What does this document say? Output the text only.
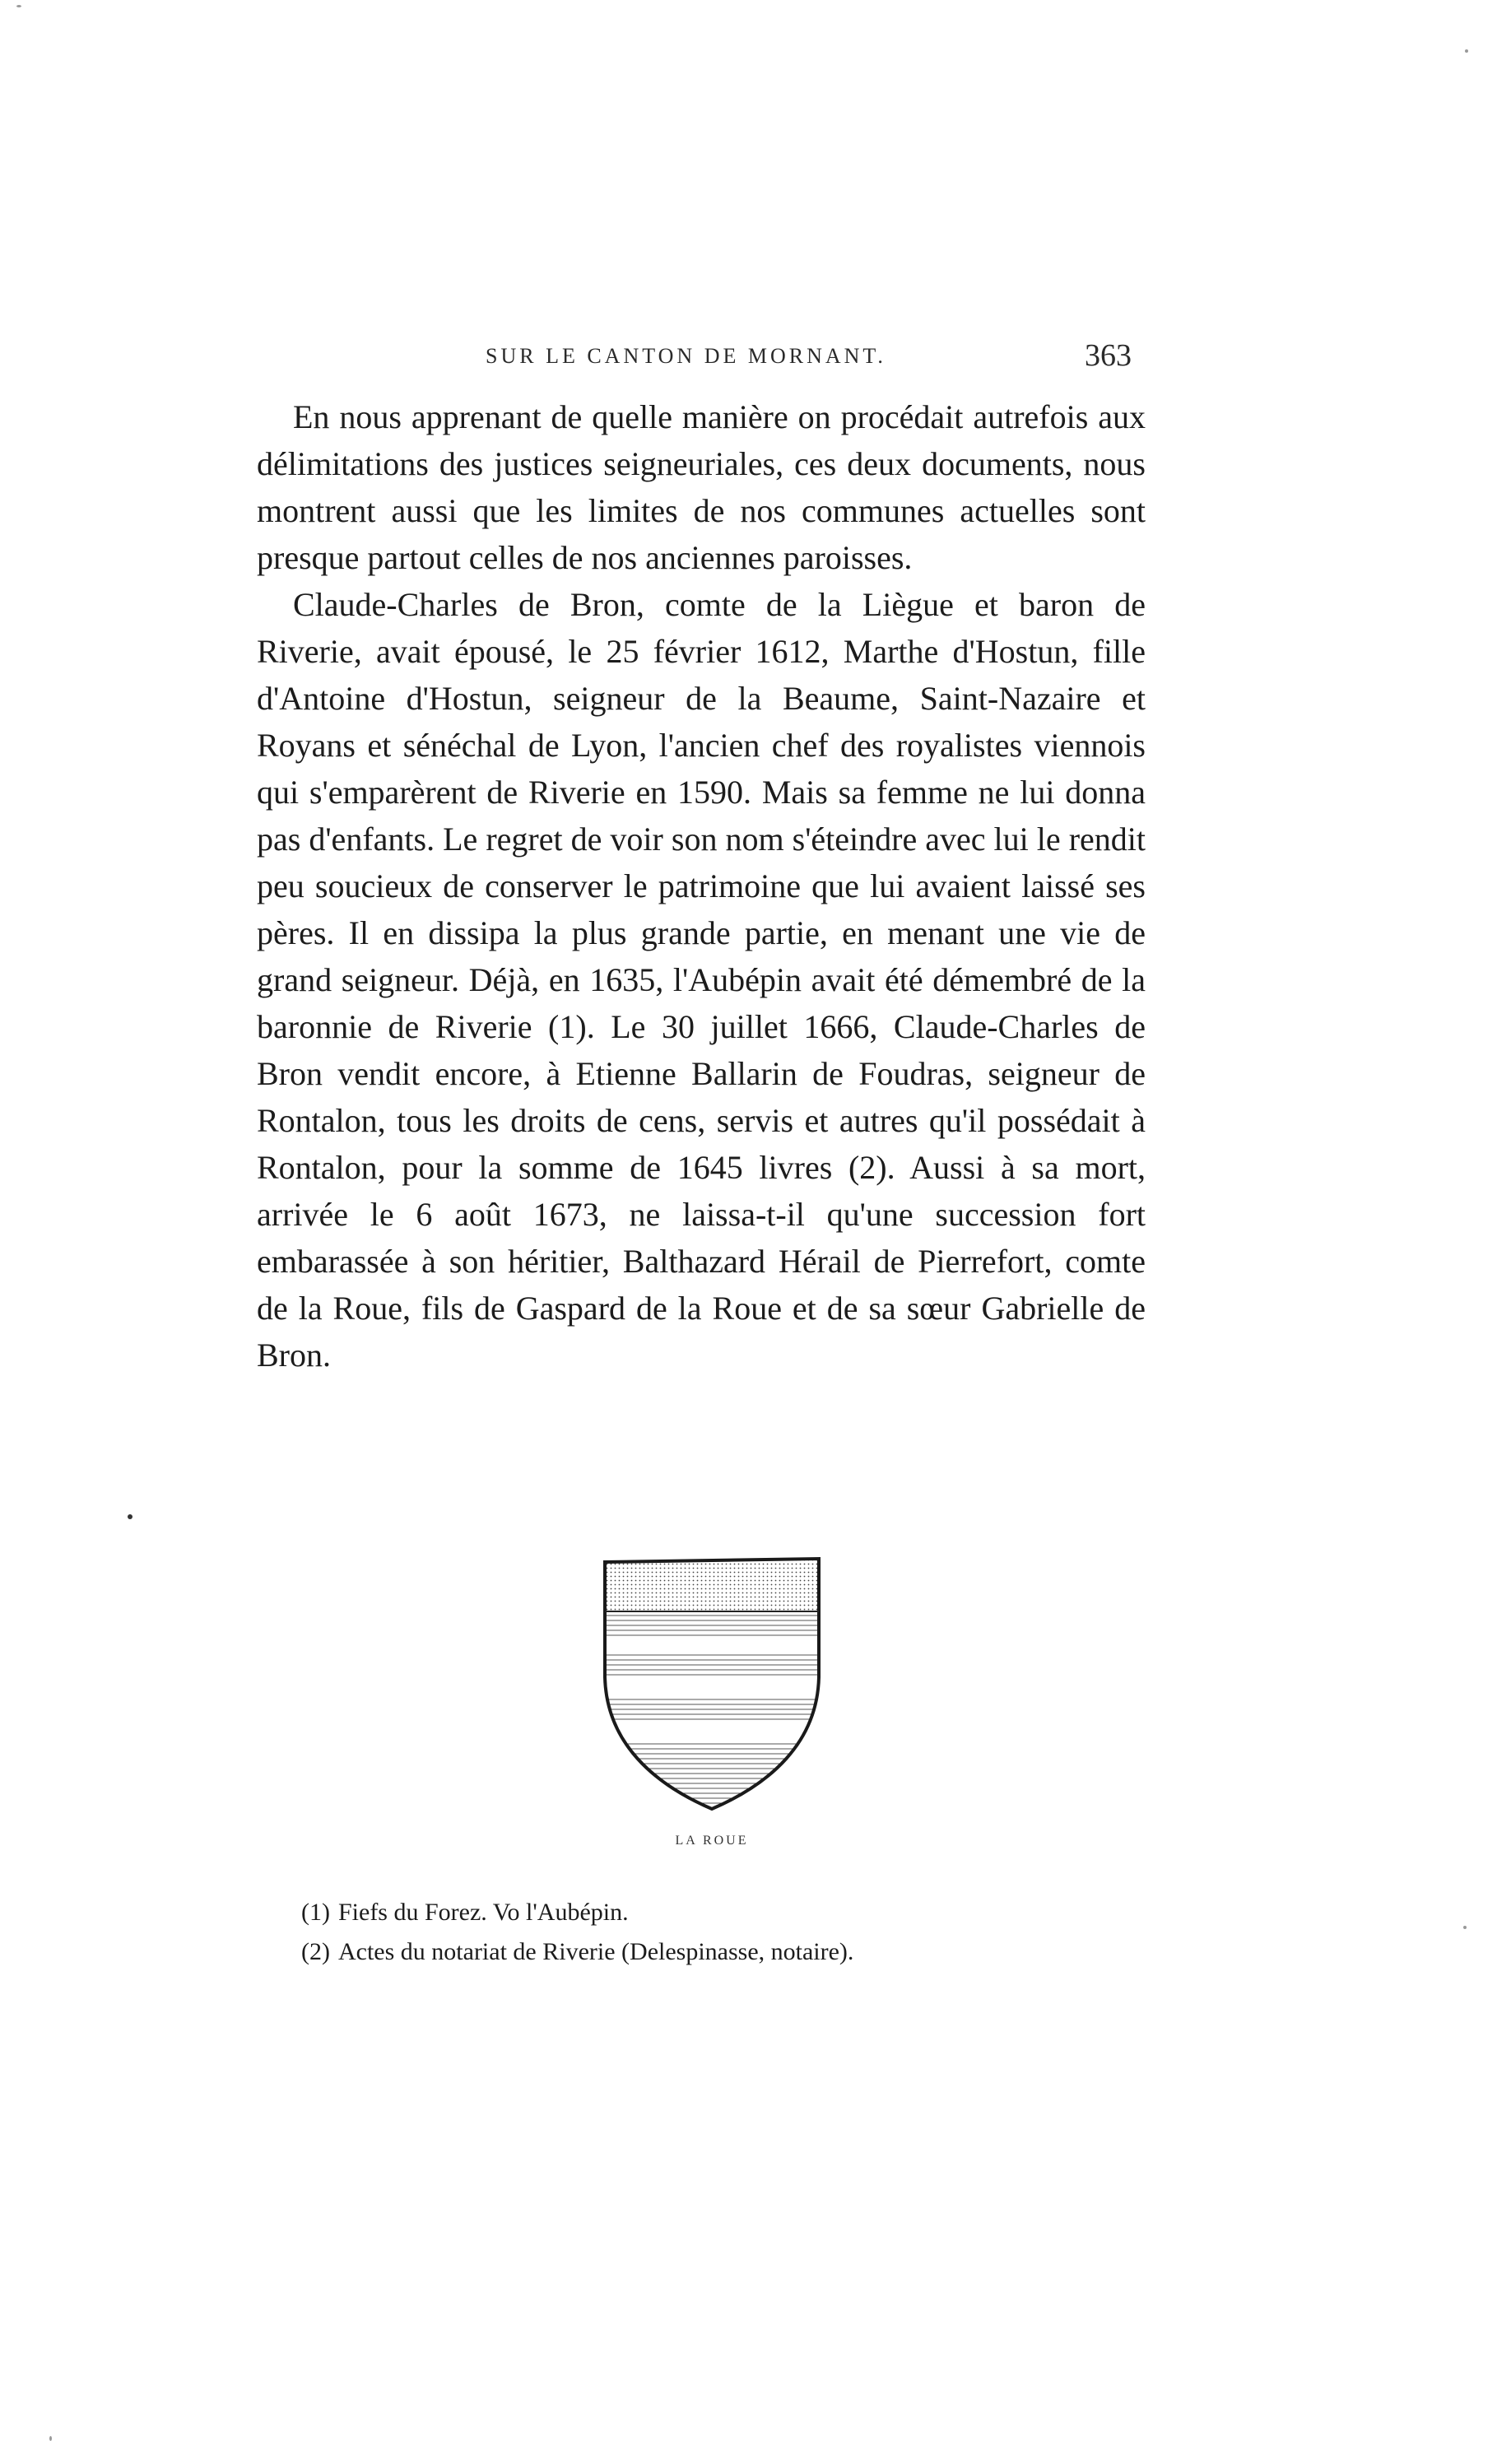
SUR LE CANTON DE MORNANT.	363

En nous apprenant de quelle manière on procédait autrefois aux délimitations des justices seigneuriales, ces deux documents, nous montrent aussi que les limites de nos communes actuelles sont presque partout celles de nos anciennes paroisses.

Claude-Charles de Bron, comte de la Liègue et baron de Riverie, avait épousé, le 25 février 1612, Marthe d'Hostun, fille d'Antoine d'Hostun, seigneur de la Beaume, Saint-Nazaire et Royans et sénéchal de Lyon, l'ancien chef des royalistes viennois qui s'emparèrent de Riverie en 1590. Mais sa femme ne lui donna pas d'enfants. Le regret de voir son nom s'éteindre avec lui le rendit peu soucieux de conserver le patrimoine que lui avaient laissé ses pères. Il en dissipa la plus grande partie, en menant une vie de grand seigneur. Déjà, en 1635, l'Aubépin avait été démembré de la baronnie de Riverie (1). Le 30 juillet 1666, Claude-Charles de Bron vendit encore, à Etienne Ballarin de Foudras, seigneur de Rontalon, tous les droits de cens, servis et autres qu'il possédait à Rontalon, pour la somme de 1645 livres (2). Aussi à sa mort, arrivée le 6 août 1673, ne laissa-t-il qu'une succession fort embarassée à son héritier, Balthazard Hérail de Pierrefort, comte de la Roue, fils de Gaspard de la Roue et de sa sœur Gabrielle de Bron.

LA ROUE
(1) Fiefs du Forez. Vo l'Aubépin.
(2) Actes du notariat de Riverie (Delespinasse, notaire).
